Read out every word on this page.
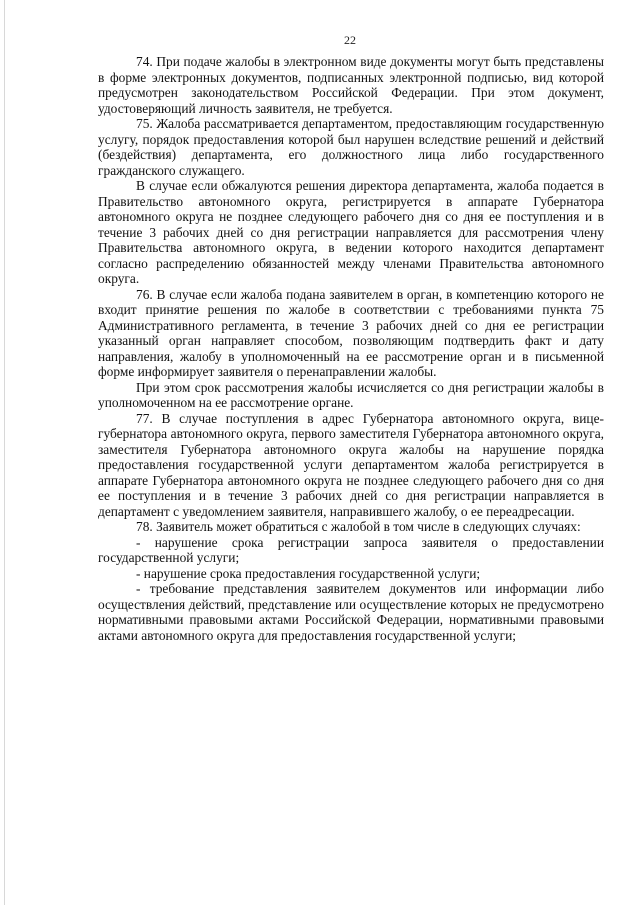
22

74. При подаче жалобы в электронном виде документы могут быть представлены в форме электронных документов, подписанных электронной подписью, вид которой предусмотрен законодательством Российской Федерации. При этом документ, удостоверяющий личность заявителя, не требуется.

75. Жалоба рассматривается департаментом, предоставляющим государственную услугу, порядок предоставления которой был нарушен вследствие решений и действий (бездействия) департамента, его должностного лица либо государственного гражданского служащего.

В случае если обжалуются решения директора департамента, жалоба подается в Правительство автономного округа, регистрируется в аппарате Губернатора автономного округа не позднее следующего рабочего дня со дня ее поступления и в течение 3 рабочих дней со дня регистрации направляется для рассмотрения члену Правительства автономного округа, в ведении которого находится департамент согласно распределению обязанностей между членами Правительства автономного округа.

76. В случае если жалоба подана заявителем в орган, в компетенцию которого не входит принятие решения по жалобе в соответствии с требованиями пункта 75 Административного регламента, в течение 3 рабочих дней со дня ее регистрации указанный орган направляет способом, позволяющим подтвердить факт и дату направления, жалобу в уполномоченный на ее рассмотрение орган и в письменной форме информирует заявителя о перенаправлении жалобы.

При этом срок рассмотрения жалобы исчисляется со дня регистрации жалобы в уполномоченном на ее рассмотрение органе.

77. В случае поступления в адрес Губернатора автономного округа, вице-губернатора автономного округа, первого заместителя Губернатора автономного округа, заместителя Губернатора автономного округа жалобы на нарушение порядка предоставления государственной услуги департаментом жалоба регистрируется в аппарате Губернатора автономного округа не позднее следующего рабочего дня со дня ее поступления и в течение 3 рабочих дней со дня регистрации направляется в департамент с уведомлением заявителя, направившего жалобу, о ее переадресации.

78. Заявитель может обратиться с жалобой в том числе в следующих случаях:

- нарушение срока регистрации запроса заявителя о предоставлении государственной услуги;

- нарушение срока предоставления государственной услуги;

- требование представления заявителем документов или информации либо осуществления действий, представление или осуществление которых не предусмотрено нормативными правовыми актами Российской Федерации, нормативными правовыми актами автономного округа для предоставления государственной услуги;
